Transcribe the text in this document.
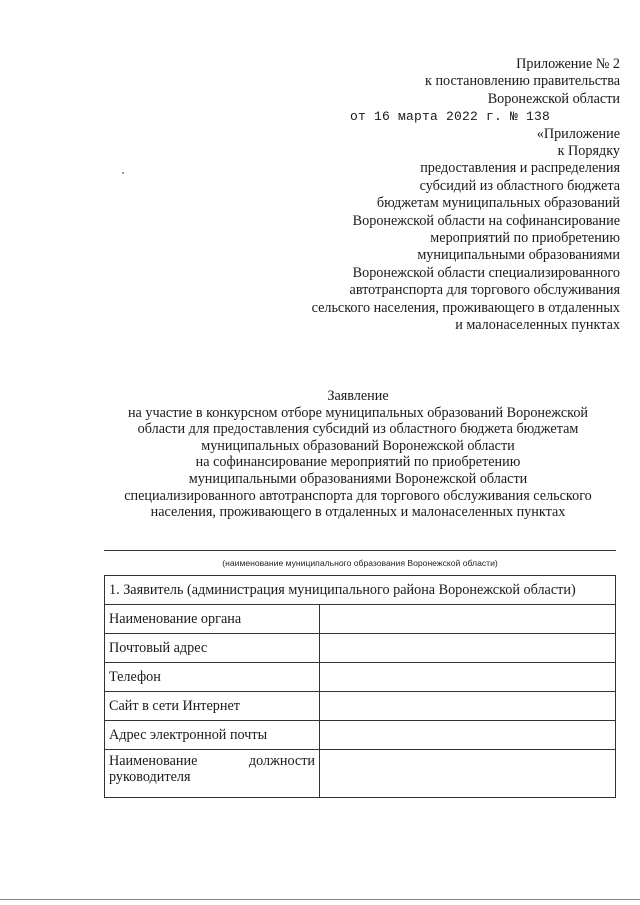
Приложение № 2
к постановлению правительства
Воронежской области
от 16 марта 2022 г. № 138
«Приложение
к Порядку
предоставления и распределения
субсидий из областного бюджета
бюджетам муниципальных образований
Воронежской области на софинансирование
мероприятий по приобретению
муниципальными образованиями
Воронежской области специализированного
автотранспорта для торгового обслуживания
сельского населения, проживающего в отдаленных
и малонаселенных пунктах
Заявление
на участие в конкурсном отборе муниципальных образований Воронежской
области для предоставления субсидий из областного бюджета бюджетам
муниципальных образований Воронежской области
на софинансирование мероприятий по приобретению
муниципальными образованиями Воронежской области
специализированного автотранспорта для торгового обслуживания сельского
населения, проживающего в отдаленных и малонаселенных пунктах
(наименование муниципального образования Воронежской области)
1. Заявитель (администрация муниципального района Воронежской области)	
Наименование органа	
Почтовый адрес	
Телефон	
Сайт в сети Интернет	
Адрес электронной почты	

Наименование должности
руководителя	
